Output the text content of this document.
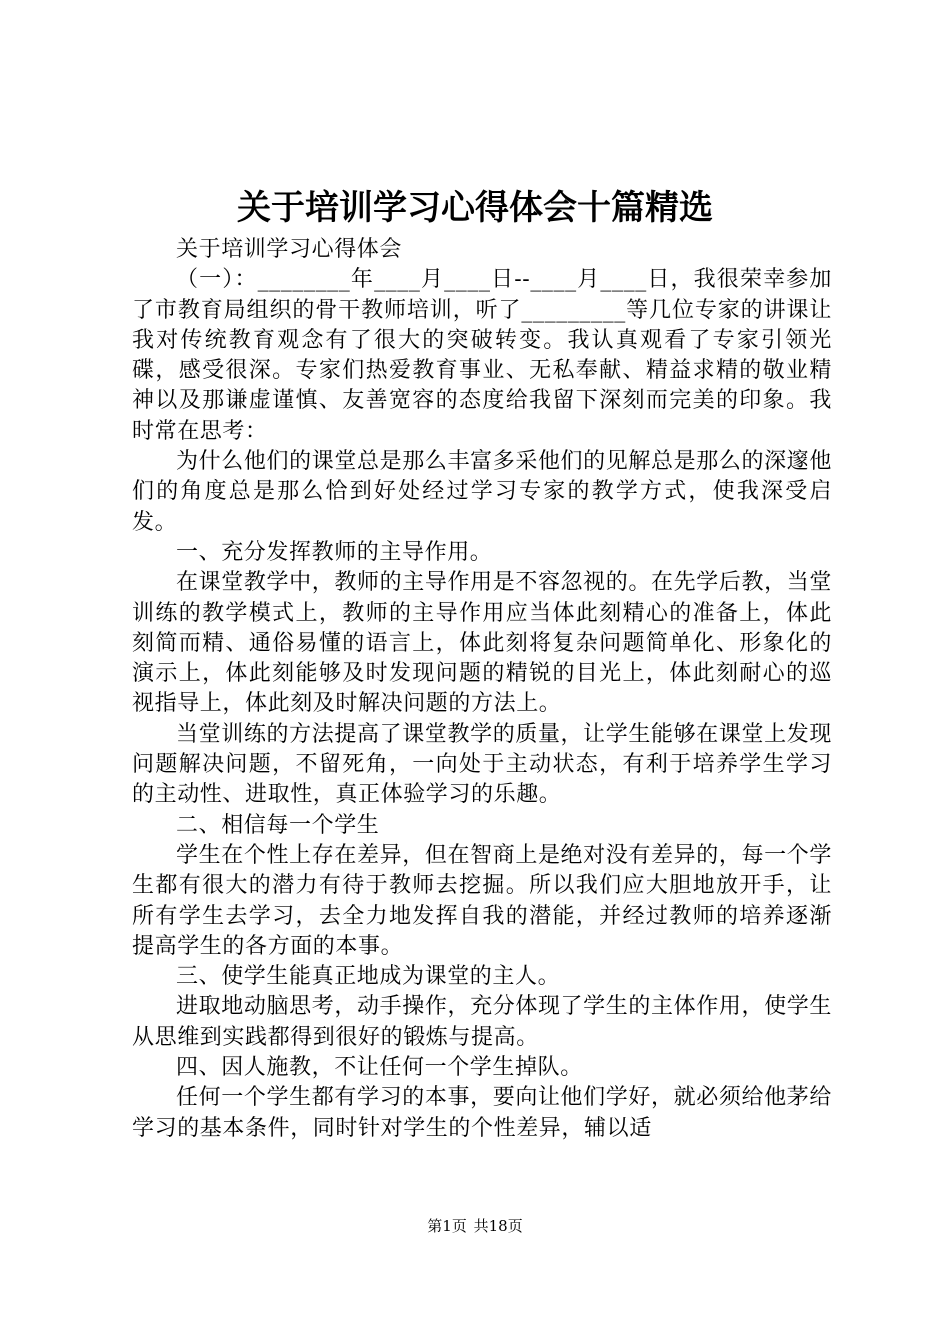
关于培训学习心得体会十篇精选

关于培训学习心得体会

（一）：________年____月____日--____月____日，我很荣幸参加了市教育局组织的骨干教师培训，听了_________等几位专家的讲课让我对传统教育观念有了很大的突破转变。我认真观看了专家引领光碟，感受很深。专家们热爱教育事业、无私奉献、精益求精的敬业精神以及那谦虚谨慎、友善宽容的态度给我留下深刻而完美的印象。我时常在思考：

为什么他们的课堂总是那么丰富多采他们的见解总是那么的深邃他们的角度总是那么恰到好处经过学习专家的教学方式，使我深受启发。

一、充分发挥教师的主导作用。

在课堂教学中，教师的主导作用是不容忽视的。在先学后教，当堂训练的教学模式上，教师的主导作用应当体此刻精心的准备上，体此刻简而精、通俗易懂的语言上，体此刻将复杂问题简单化、形象化的演示上，体此刻能够及时发现问题的精锐的目光上，体此刻耐心的巡视指导上，体此刻及时解决问题的方法上。

当堂训练的方法提高了课堂教学的质量，让学生能够在课堂上发现问题解决问题，不留死角，一向处于主动状态，有利于培养学生学习的主动性、进取性，真正体验学习的乐趣。

二、相信每一个学生

学生在个性上存在差异，但在智商上是绝对没有差异的，每一个学生都有很大的潜力有待于教师去挖掘。所以我们应大胆地放开手，让所有学生去学习，去全力地发挥自我的潜能，并经过教师的培养逐渐提高学生的各方面的本事。

三、使学生能真正地成为课堂的主人。

进取地动脑思考，动手操作，充分体现了学生的主体作用，使学生从思维到实践都得到很好的锻炼与提高。

四、因人施教，不让任何一个学生掉队。

任何一个学生都有学习的本事，要向让他们学好，就必须给他茅给学习的基本条件，同时针对学生的个性差异，辅以适

第1页 共18页
